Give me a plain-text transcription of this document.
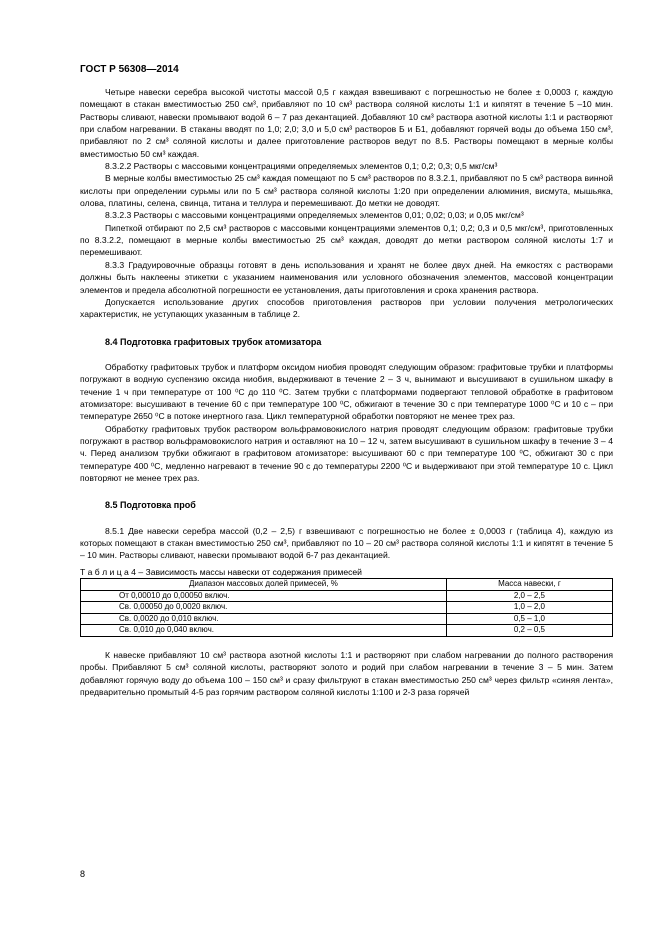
ГОСТ Р 56308—2014

Четыре навески серебра высокой чистоты массой 0,5 г каждая взвешивают с погрешностью не более ± 0,0003 г, каждую помещают в стакан вместимостью 250 см³, прибавляют по 10 см³ раствора соляной кислоты 1:1 и кипятят в течение 5 –10 мин. Растворы сливают, навески промывают водой 6 – 7 раз декантацией. Добавляют 10 см³ раствора азотной кислоты 1:1 и растворяют при слабом нагревании. В стаканы вводят по 1,0; 2,0; 3,0 и 5,0 см³ растворов Б и Б1, добавляют горячей воды до объема 150 см³, прибавляют по 2 см³ соляной кислоты и далее приготовление растворов ведут по 8.5. Растворы помещают в мерные колбы вместимостью 50 см³ каждая.

8.3.2.2 Растворы с массовыми концентрациями определяемых элементов 0,1; 0,2; 0,3; 0,5 мкг/см³

В мерные колбы вместимостью 25 см³ каждая помещают по 5 см³ растворов по 8.3.2.1, прибавляют по 5 см³ раствора винной кислоты при определении сурьмы или по 5 см³ раствора соляной кислоты 1:20 при определении алюминия, висмута, мышьяка, олова, платины, селена, свинца, титана и теллура и перемешивают. До метки не доводят.

8.3.2.3 Растворы с массовыми концентрациями определяемых элементов 0,01; 0,02; 0,03; и 0,05 мкг/см³

Пипеткой отбирают по 2,5 см³ растворов с массовыми концентрациями элементов 0,1; 0,2; 0,3 и 0,5 мкг/см³, приготовленных по 8.3.2.2, помещают в мерные колбы вместимостью 25 см³ каждая, доводят до метки раствором соляной кислоты 1:7 и перемешивают.

8.3.3 Градуировочные образцы готовят в день использования и хранят не более двух дней. На емкостях с растворами должны быть наклеены этикетки с указанием наименования или условного обозначения элементов, массовой концентрации элементов и предела абсолютной погрешности ее установления, даты приготовления и срока хранения раствора.

Допускается использование других способов приготовления растворов при условии получения метрологических характеристик, не уступающих указанным в таблице 2.

8.4 Подготовка графитовых трубок атомизатора

Обработку графитовых трубок и платформ оксидом ниобия проводят следующим образом: графитовые трубки и платформы погружают в водную суспензию оксида ниобия, выдерживают в течение 2 – 3 ч, вынимают и высушивают в сушильном шкафу в течение 1 ч при температуре от 100 ⁰С до 110 ⁰С. Затем трубки с платформами подвергают тепловой обработке в графитовом атомизаторе: высушивают в течение 60 с при температуре 100 ⁰С, обжигают в течение 30 с при температуре 1000 ⁰С и 10 с – при температуре 2650 ⁰С в потоке инертного газа. Цикл температурной обработки повторяют не менее трех раз.

Обработку графитовых трубок раствором вольфрамовокислого натрия проводят следующим образом: графитовые трубки погружают в раствор вольфрамовокислого натрия и оставляют на 10 – 12 ч, затем высушивают в сушильном шкафу в течение 3 – 4 ч. Перед анализом трубки обжигают в графитовом атомизаторе: высушивают 60 с при температуре 100 ⁰С, обжигают 30 с при температуре 400 ⁰С, медленно нагревают в течение 90 с до температуры 2200 ⁰С и выдерживают при этой температуре 10 с. Цикл повторяют не менее трех раз.

8.5 Подготовка проб

8.5.1 Две навески серебра массой (0,2 – 2,5) г взвешивают с погрешностью не более ± 0,0003 г (таблица 4), каждую из которых помещают в стакан вместимостью 250 см³, прибавляют по 10 – 20 см³ раствора соляной кислоты 1:1 и кипятят в течение 5 – 10 мин. Растворы сливают, навески промывают водой 6-7 раз декантацией.

Т а б л и ц а 4 – Зависимость массы навески от содержания примесей

Диапазон массовых долей примесей, %	Масса навески, г
От 0,00010 до 0,00050 включ.	2,0 – 2,5
Св. 0,00050 до 0,0020 включ.	1,0 – 2,0
Св. 0,0020 до 0,010 включ.	0,5 – 1,0
Св. 0,010 до 0,040 включ.	0,2 – 0,5

К навеске прибавляют 10 см³ раствора азотной кислоты 1:1 и растворяют при слабом нагревании до полного растворения пробы. Прибавляют 5 см³ соляной кислоты, растворяют золото и родий при слабом нагревании в течение 3 – 5 мин. Затем добавляют горячую воду до объема 100 – 150 см³ и сразу фильтруют в стакан вместимостью 250 см³ через фильтр «синяя лента», предварительно промытый 4-5 раз горячим раствором соляной кислоты 1:100 и 2-3 раза горячей

8
